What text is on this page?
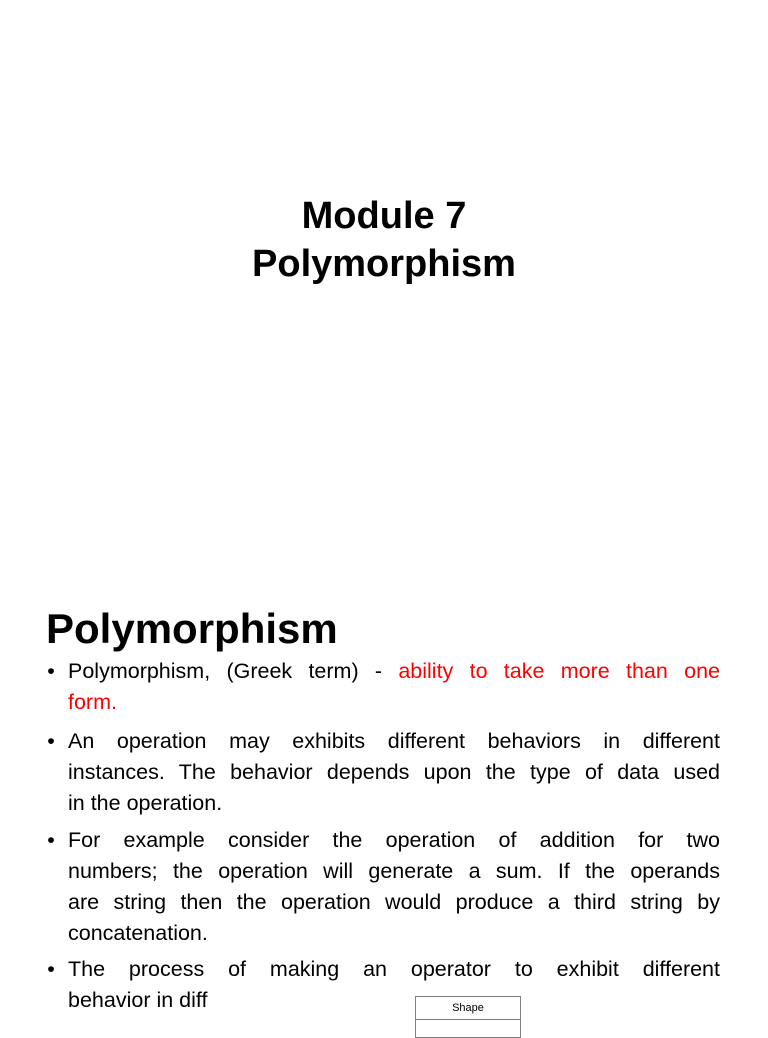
Module 7
Polymorphism
Polymorphism
• Polymorphism, (Greek term) - ability to take more than one
form.
• An operation may exhibits different behaviors in different
instances. The behavior depends upon the type of data used
in the operation.
• For example consider the operation of addition for two
numbers; the operation will generate a sum. If the operands
are string then the operation would produce a third string by
concatenation.
• The process of making an operator to exhibit different
behavior in diff	Shape
